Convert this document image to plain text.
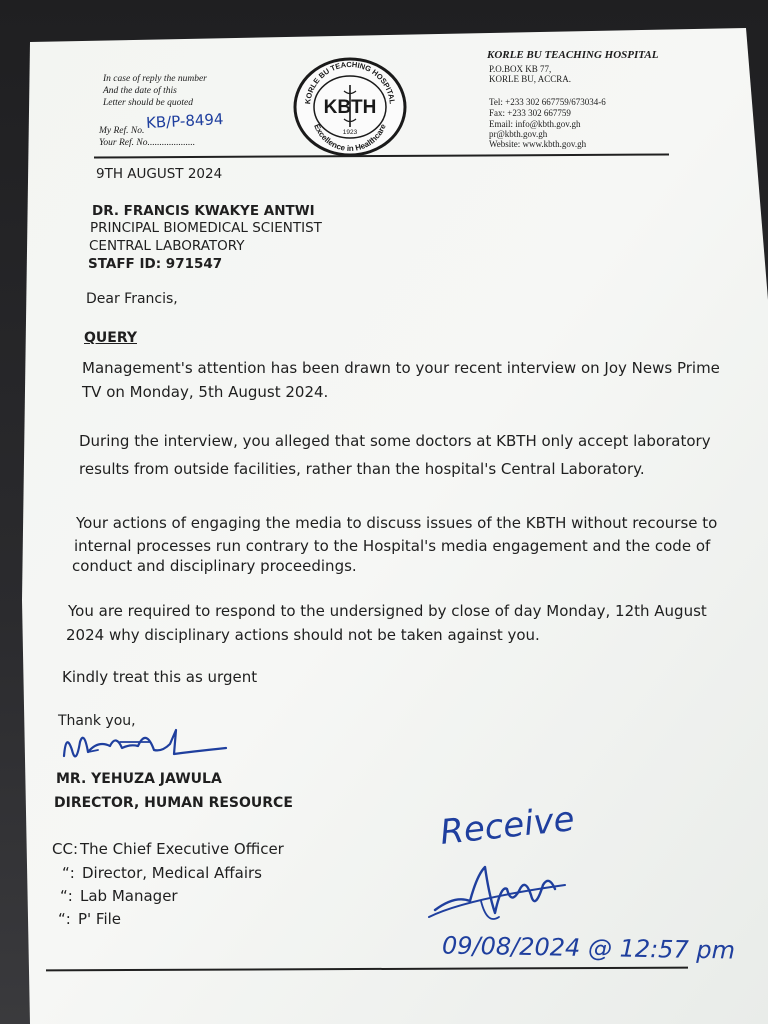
In case of reply the number
And the date of this
Letter should be quoted
My Ref. No. KB/P-8494
Your Ref. No. ...................
KORLE BU TEACHING HOSPITAL
Excellence in Healthcare
KBTH
1923
KORLE BU TEACHING HOSPITAL
P.O.BOX KB 77,
KORLE BU, ACCRA.
Tel: +233 302 667759/673034-6
Fax: +233 302 667759
Email: info@kbth.gov.gh
pr@kbth.gov.gh
Website: www.kbth.gov.gh
9TH AUGUST 2024
DR. FRANCIS KWAKYE ANTWI
PRINCIPAL BIOMEDICAL SCIENTIST
CENTRAL LABORATORY
STAFF ID: 971547
Dear Francis,
QUERY
Management's attention has been drawn to your recent interview on Joy News Prime
TV on Monday, 5th August 2024.
During the interview, you alleged that some doctors at KBTH only accept laboratory
results from outside facilities, rather than the hospital's Central Laboratory.
Your actions of engaging the media to discuss issues of the KBTH without recourse to
internal processes run contrary to the Hospital's media engagement and the code of
conduct and disciplinary proceedings.
You are required to respond to the undersigned by close of day Monday, 12th August
2024 why disciplinary actions should not be taken against you.
Kindly treat this as urgent
Thank you,
MR. YEHUZA JAWULA
DIRECTOR, HUMAN RESOURCE
CC: The Chief Executive Officer
“: Director, Medical Affairs
“: Lab Manager
“: P' File
Receive
09/08/2024 @ 12:57 pm
